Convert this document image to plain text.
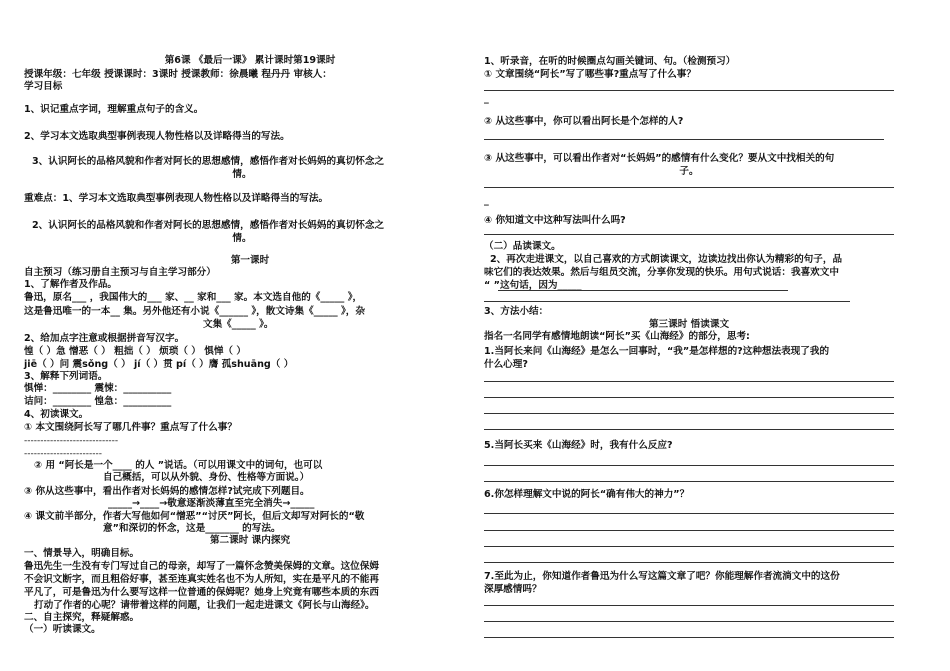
第6课 《最后一课》 累计课时第19课时
授课年级：七年级 授课课时：3课时 授课教师：徐晨曦 程丹丹 审核人：
学习目标
1、识记重点字词，理解重点句子的含义。
2、学习本文选取典型事例表现人物性格以及详略得当的写法。
3、认识阿长的品格风貌和作者对阿长的思想感情，感悟作者对长妈妈的真切怀念之
情。
重难点：1、学习本文选取典型事例表现人物性格以及详略得当的写法。
2、认识阿长的品格风貌和作者对阿长的思想感情，感悟作者对长妈妈的真切怀念之
情。
第一课时
自主预习（练习册自主预习与自主学习部分）
1、了解作者及作品。
鲁迅，原名___ ，我国伟大的___ 家、__ 家和___ 家。本文选自他的《_____ 》，
这是鲁迅唯一的一本__ 集。另外他还有小说《______ 》，散文诗集《_____ 》，杂
文集《_____ 》。
2、给加点字注意或根据拼音写汉字。
惶（ ）急 憎恶（ ） 粗拙（ ） 烦琐（ ） 惧惮（ ）
jiē（ ）问 震sǒng（ ） jí（ ）贯 pí（ ）膺 孤shuāng（ ）
3、解释下列词语。
惧惮：________ 震悚：__________
诘问：________ 惶急：__________
4、初读课文。
① 本文围绕阿长写了哪几件事？重点写了什么事？
-----------------------------
------------------------
② 用 “阿长是一个____ 的人 ”说话。（可以用课文中的词句，也可以
自己概括，可以从外貌、身份、性格等方面说。）
③ 你从这些事中，看出作者对长妈妈的感情怎样?试完成下列题目。
_____→____→敬意逐渐淡薄直至完全消失→_____
④ 课文前半部分，作者大写他如何“憎恶”“讨厌”阿长，但后文却写对阿长的“敬
意”和深切的怀念，这是_______ 的写法。
第二课时 课内探究
一、情景导入，明确目标。
鲁迅先生一生没有专门写过自己的母亲，却写了一篇怀念赞美保姆的文章。这位保姆
不会识文断字，而且粗俗好事，甚至连真实姓名也不为人所知，实在是平凡的不能再
平凡了，可是鲁迅为什么要写这样一位普通的保姆呢？她身上究竟有哪些本质的东西
打动了作者的心呢？请带着这样的问题，让我们一起走进课文《阿长与山海经》。
二、自主探究，释疑解惑。
（一）听读课文。
1、听录音，在听的时候圈点勾画关键词、句。（检测预习）
① 文章围绕“阿长”写了哪些事?重点写了什么事？
_
② 从这些事中，你可以看出阿长是个怎样的人?
③ 从这些事中，可以看出作者对“长妈妈”的感情有什么变化？要从文中找相关的句
子。
_
④ 你知道文中这种写法叫什么吗?
（二）品读课文。
2、再次走进课文，以自己喜欢的方式朗读课文，边读边找出你认为精彩的句子，品
味它们的表达效果。然后与组员交流，分享你发现的快乐。用句式说话：我喜欢文中
“ ”这句话，因为_____
3、方法小结：
第三课时 悟读课文
指名一名同学有感情地朗读“阿长”买《山海经》的部分，思考:
1.当阿长来问《山海经》是怎么一回事时，“我”是怎样想的?这种想法表现了我的
什么心理?
5.当阿长买来《山海经》时，我有什么反应?
6.你怎样理解文中说的阿长“确有伟大的神力”？
7.至此为止，你知道作者鲁迅为什么写这篇文章了吧？你能理解作者流淌文中的这份
深厚感情吗？
